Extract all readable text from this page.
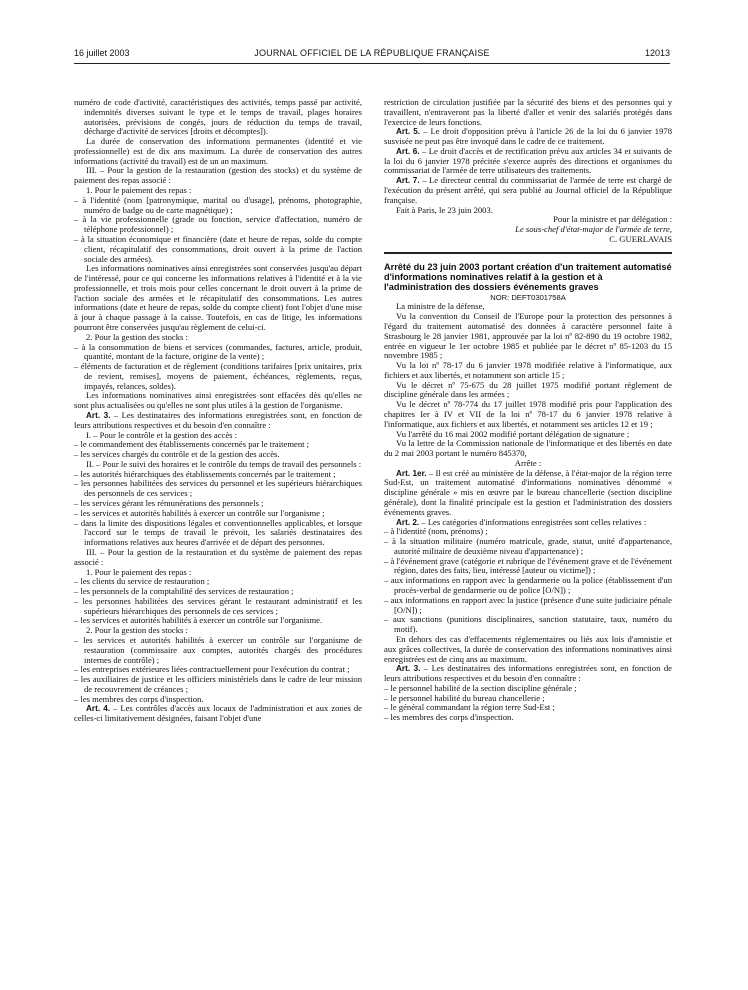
16 juillet 2003	JOURNAL OFFICIEL DE LA RÉPUBLIQUE FRANÇAISE	12013

numéro de code d'activité, caractéristiques des activités, temps passé par activité, indemnités diverses suivant le type et le temps de travail, plages horaires autorisées, prévisions de congés, jours de réduction du temps de travail, décharge d'activité de services [droits et décomptes]).

La durée de conservation des informations permanentes (identité et vie professionnelle) est de dix ans maximum. La durée de conservation des autres informations (activité du travail) est de un an maximum.

III. – Pour la gestion de la restauration (gestion des stocks) et du système de paiement des repas associé :

1. Pour le paiement des repas :

– à l'identité (nom [patronymique, marital ou d'usage], prénoms, photographie, numéro de badge ou de carte magnétique) ;

– à la vie professionnelle (grade ou fonction, service d'affectation, numéro de téléphone professionnel) ;

– à la situation économique et financière (date et heure de repas, solde du compte client, récapitulatif des consommations, droit ouvert à la prime de l'action sociale des armées).

Les informations nominatives ainsi enregistrées sont conservées jusqu'au départ de l'intéressé, pour ce qui concerne les informations relatives à l'identité et à la vie professionnelle, et trois mois pour celles concernant le droit ouvert à la prime de l'action sociale des armées et le récapitulatif des consommations. Les autres informations (date et heure de repas, solde du compte client) font l'objet d'une mise à jour à chaque passage à la caisse. Toutefois, en cas de litige, les informations pourront être conservées jusqu'au règlement de celui-ci.

2. Pour la gestion des stocks :

– à la consommation de biens et services (commandes, factures, article, produit, quantité, montant de la facture, origine de la vente) ;

– éléments de facturation et de règlement (conditions tarifaires [prix unitaires, prix de revient, remises], moyens de paiement, échéances, règlements, reçus, impayés, relances, soldes).

Les informations nominatives ainsi enregistrées sont effacées dès qu'elles ne sont plus actualisées ou qu'elles ne sont plus utiles à la gestion de l'organisme.

Art. 3. – Les destinataires des informations enregistrées sont, en fonction de leurs attributions respectives et du besoin d'en connaître :

I. – Pour le contrôle et la gestion des accès :

– le commandement des établissements concernés par le traitement ;

– les services chargés du contrôle et de la gestion des accès.

II. – Pour le suivi des horaires et le contrôle du temps de travail des personnels :

– les autorités hiérarchiques des établissements concernés par le traitement ;

– les personnes habilitées des services du personnel et les supérieurs hiérarchiques des personnels de ces services ;

– les services gérant les rémunérations des personnels ;

– les services et autorités habilités à exercer un contrôle sur l'organisme ;

– dans la limite des dispositions légales et conventionnelles applicables, et lorsque l'accord sur le temps de travail le prévoit, les salariés destinataires des informations relatives aux heures d'arrivée et de départ des personnes.

III. – Pour la gestion de la restauration et du système de paiement des repas associé :

1. Pour le paiement des repas :

– les clients du service de restauration ;

– les personnels de la comptabilité des services de restauration ;

– les personnes habilitées des services gérant le restaurant administratif et les supérieurs hiérarchiques des personnels de ces services ;

– les services et autorités habilités à exercer un contrôle sur l'organisme.

2. Pour la gestion des stocks :

– les services et autorités habilités à exercer un contrôle sur l'organisme de restauration (commissaire aux comptes, autorités chargés des procédures internes de contrôle) ;

– les entreprises extérieures liées contractuellement pour l'exécution du contrat ;

– les auxiliaires de justice et les officiers ministériels dans le cadre de leur mission de recouvrement de créances ;

– les membres des corps d'inspection.

Art. 4. – Les contrôles d'accès aux locaux de l'administration et aux zones de celles-ci limitativement désignées, faisant l'objet d'une

restriction de circulation justifiée par la sécurité des biens et des personnes qui y travaillent, n'entraveront pas la liberté d'aller et venir des salariés protégés dans l'exercice de leurs fonctions.

Art. 5. – Le droit d'opposition prévu à l'article 26 de la loi du 6 janvier 1978 susvisée ne peut pas être invoqué dans le cadre de ce traitement.

Art. 6. – Le droit d'accès et de rectification prévu aux articles 34 et suivants de la loi du 6 janvier 1978 précitée s'exerce auprès des directions et organismes du commissariat de l'armée de terre utilisateurs des traitements.

Art. 7. – Le directeur central du commissariat de l'armée de terre est chargé de l'exécution du présent arrêté, qui sera publié au Journal officiel de la République française.

Fait à Paris, le 23 juin 2003.

Pour la ministre et par délégation :

Le sous-chef d'état-major de l'armée de terre,

C. GUERLAVAIS

Arrêté du 23 juin 2003 portant création d'un traitement automatisé d'informations nominatives relatif à la gestion et à l'administration des dossiers événements graves

NOR: DEFT0301758A

La ministre de la défense,

Vu la convention du Conseil de l'Europe pour la protection des personnes à l'égard du traitement automatisé des données à caractère personnel faite à Strasbourg le 28 janvier 1981, approuvée par la loi nº 82-890 du 19 octobre 1982, entrée en vigueur le 1er octobre 1985 et publiée par le décret nº 85-1203 du 15 novembre 1985 ;

Vu la loi nº 78-17 du 6 janvier 1978 modifiée relative à l'informatique, aux fichiers et aux libertés, et notamment son article 15 ;

Vu le décret nº 75-675 du 28 juillet 1975 modifié portant règlement de discipline générale dans les armées ;

Vu le décret nº 78-774 du 17 juillet 1978 modifié pris pour l'application des chapitres Ier à IV et VII de la loi nº 78-17 du 6 janvier 1978 relative à l'informatique, aux fichiers et aux libertés, et notamment ses articles 12 et 19 ;

Vu l'arrêté du 16 mai 2002 modifié portant délégation de signature ;

Vu la lettre de la Commission nationale de l'informatique et des libertés en date du 2 mai 2003 portant le numéro 845370,

Arrête :

Art. 1er. – Il est créé au ministère de la défense, à l'état-major de la région terre Sud-Est, un traitement automatisé d'informations nominatives dénommé « discipline générale » mis en œuvre par le bureau chancellerie (section discipline générale), dont la finalité principale est la gestion et l'administration des dossiers événements graves.

Art. 2. – Les catégories d'informations enregistrées sont celles relatives :

– à l'identité (nom, prénoms) ;

– à la situation militaire (numéro matricule, grade, statut, unité d'appartenance, autorité militaire de deuxième niveau d'appartenance) ;

– à l'événement grave (catégorie et rubrique de l'événement grave et de l'événement région, dates des faits, lieu, intéressé [auteur ou victime]) ;

– aux informations en rapport avec la gendarmerie ou la police (établissement d'un procès-verbal de gendarmerie ou de police [O/N]) ;

– aux informations en rapport avec la justice (présence d'une suite judiciaire pénale [O/N]) ;

– aux sanctions (punitions disciplinaires, sanction statutaire, taux, numéro du motif).

En dehors des cas d'effacements réglementaires ou liés aux lois d'amnistie et aux grâces collectives, la durée de conservation des informations nominatives ainsi enregistrées est de cinq ans au maximum.

Art. 3. – Les destinataires des informations enregistrées sont, en fonction de leurs attributions respectives et du besoin d'en connaître :

– le personnel habilité de la section discipline générale ;

– le personnel habilité du bureau chancellerie ;

– le général commandant la région terre Sud-Est ;

– les membres des corps d'inspection.
